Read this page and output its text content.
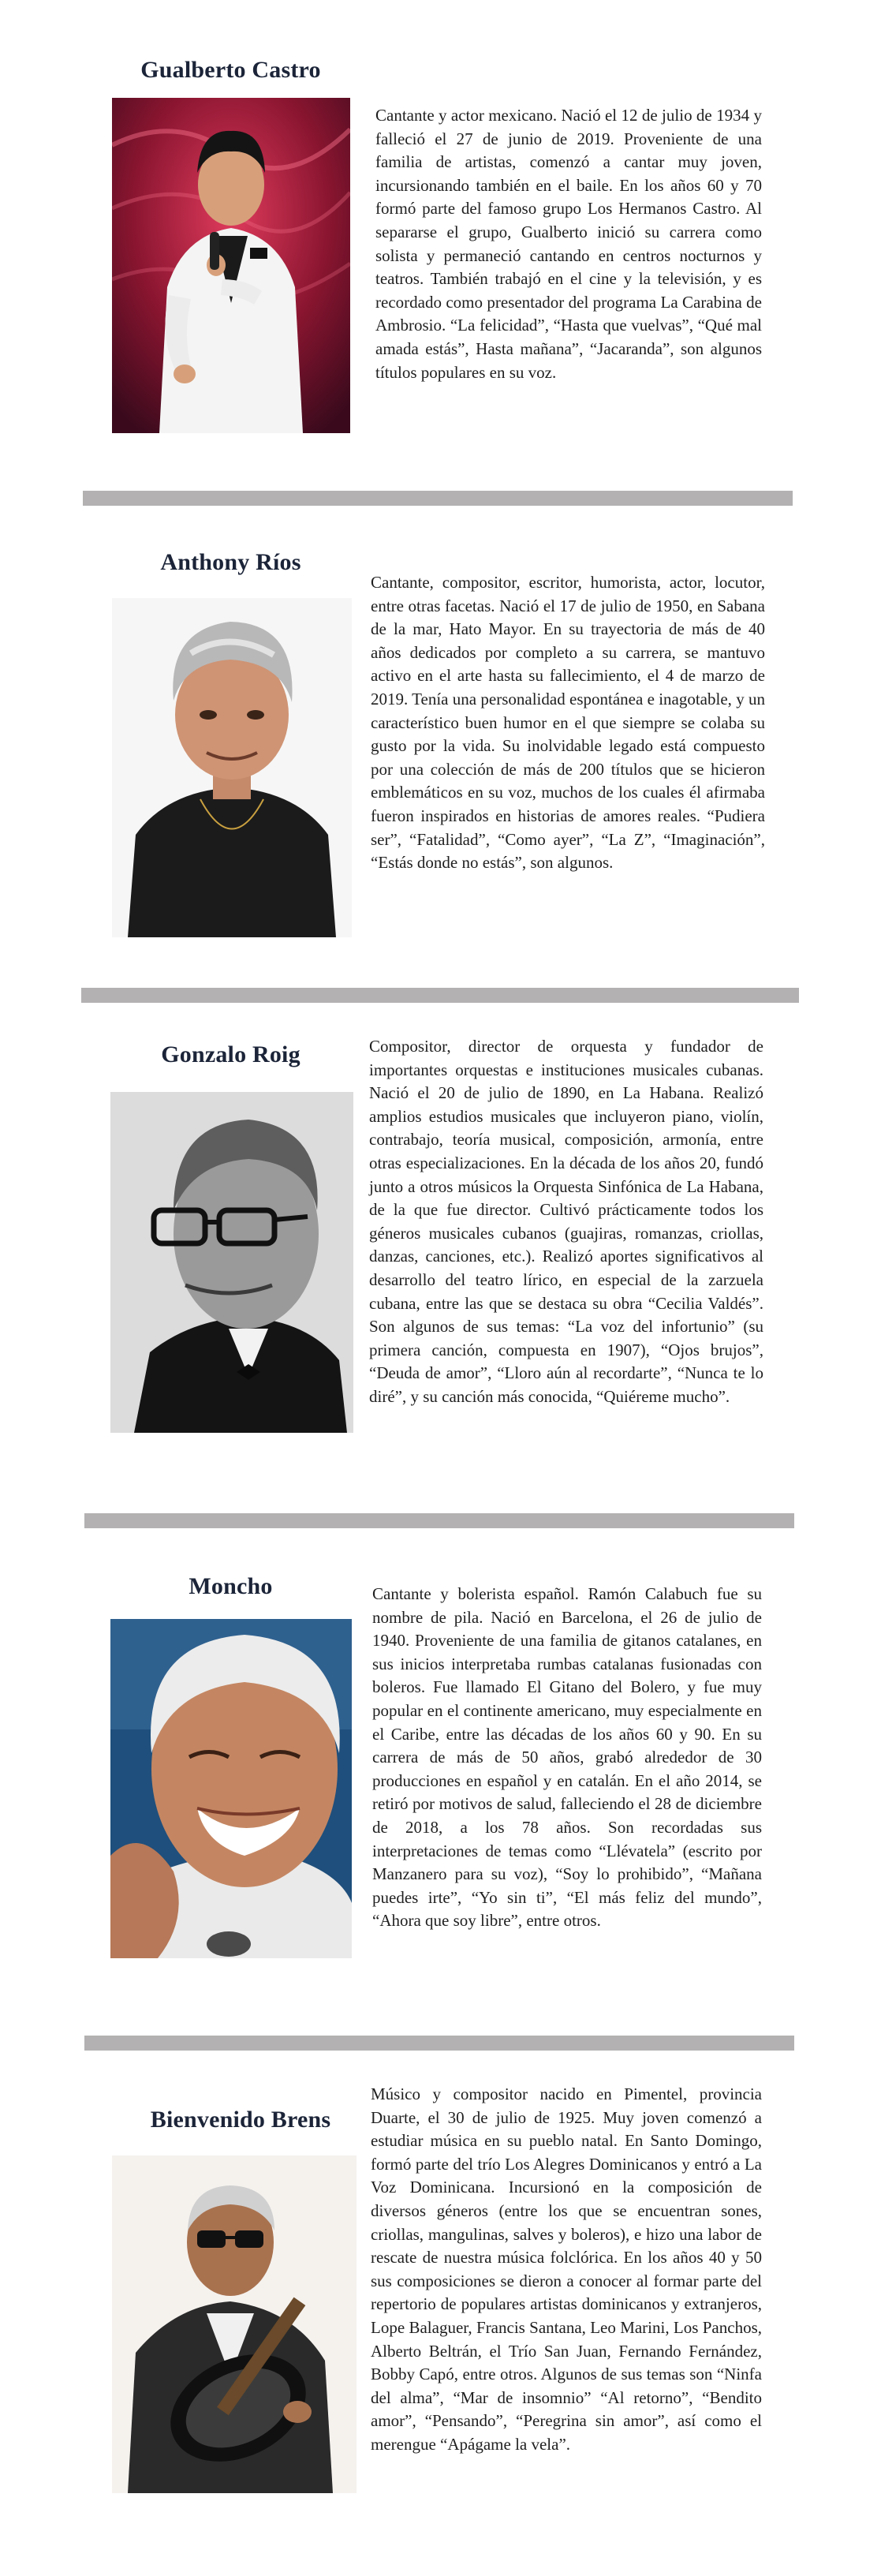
Gualberto Castro
Cantante y actor mexicano. Nació el 12 de julio de 1934 y falleció el 27 de junio de 2019. Proveniente de una familia de artistas, comenzó a cantar muy joven, incursionando también en el baile. En los años 60 y 70 formó parte del famoso grupo Los Hermanos Castro. Al separarse el grupo, Gualberto inició su carrera como solista y permaneció cantando en centros nocturnos y teatros. También trabajó en el cine y la televisión, y es recordado como presentador del programa La Carabina de Ambrosio. “La felicidad”, “Hasta que vuelvas”, “Qué mal amada estás”, Hasta mañana”, “Jacaranda”, son algunos títulos populares en su voz.
Anthony Ríos
Cantante, compositor, escritor, humorista, actor, locutor, entre otras facetas. Nació el 17 de julio de 1950, en Sabana de la mar, Hato Mayor. En su trayectoria de más de 40 años dedicados por completo a su carrera, se mantuvo activo en el arte hasta su fallecimiento, el 4 de marzo de 2019. Tenía una personalidad espontánea e inagotable, y un característico buen humor en el que siempre se colaba su gusto por la vida. Su inolvidable legado está compuesto por una colección de más de 200 títulos que se hicieron emblemáticos en su voz, muchos de los cuales él afirmaba fueron inspirados en historias de amores reales. “Pudiera ser”, “Fatalidad”, “Como ayer”, “La Z”, “Imaginación”, “Estás donde no estás”, son algunos.
Gonzalo Roig	Compositor, director de orquesta y fundador de importantes orquestas e instituciones musicales cubanas. Nació el 20 de julio de 1890, en La Habana. Realizó amplios estudios musicales que incluyeron piano, violín, contrabajo, teoría musical, composición, armonía, entre otras especializaciones. En la década de los años 20, fundó junto a otros músicos la Orquesta Sinfónica de La Habana, de la que fue director. Cultivó prácticamente todos los géneros musicales cubanos (guajiras, romanzas, criollas, danzas, canciones, etc.). Realizó aportes significativos al desarrollo del teatro lírico, en especial de la zarzuela cubana, entre las que se destaca su obra “Cecilia Valdés”. Son algunos de sus temas: “La voz del infortunio” (su primera canción, compuesta en 1907), “Ojos brujos”, “Deuda de amor”, “Lloro aún al recordarte”, “Nunca te lo diré”, y su canción más conocida, “Quiéreme mucho”.
Moncho	Cantante y bolerista español. Ramón Calabuch fue su nombre de pila. Nació en Barcelona, el 26 de julio de 1940. Proveniente de una familia de gitanos catalanes, en sus inicios interpretaba rumbas catalanas fusionadas con boleros. Fue llamado El Gitano del Bolero, y fue muy popular en el continente americano, muy especialmente en el Caribe, entre las décadas de los años 60 y 90. En su carrera de más de 50 años, grabó alrededor de 30 producciones en español y en catalán. En el año 2014, se retiró por motivos de salud, falleciendo el 28 de diciembre de 2018, a los 78 años. Son recordadas sus interpretaciones de temas como “Llévatela” (escrito por Manzanero para su voz), “Soy lo prohibido”, “Mañana puedes irte”, “Yo sin ti”, “El más feliz del mundo”, “Ahora que soy libre”, entre otros.
Bienvenido Brens
Músico y compositor nacido en Pimentel, provincia Duarte, el 30 de julio de 1925. Muy joven comenzó a estudiar música en su pueblo natal. En Santo Domingo, formó parte del trío Los Alegres Dominicanos y entró a La Voz Dominicana. Incursionó en la composición de diversos géneros (entre los que se encuentran sones, criollas, mangulinas, salves y boleros), e hizo una labor de rescate de nuestra música folclórica. En los años 40 y 50 sus composiciones se dieron a conocer al formar parte del repertorio de populares artistas dominicanos y extranjeros, Lope Balaguer, Francis Santana, Leo Marini, Los Panchos, Alberto Beltrán, el Trío San Juan, Fernando Fernández, Bobby Capó, entre otros. Algunos de sus temas son “Ninfa del alma”, “Mar de insomnio” “Al retorno”, “Bendito amor”, “Pensando”, “Peregrina sin amor”, así como el merengue “Apágame la vela”.
